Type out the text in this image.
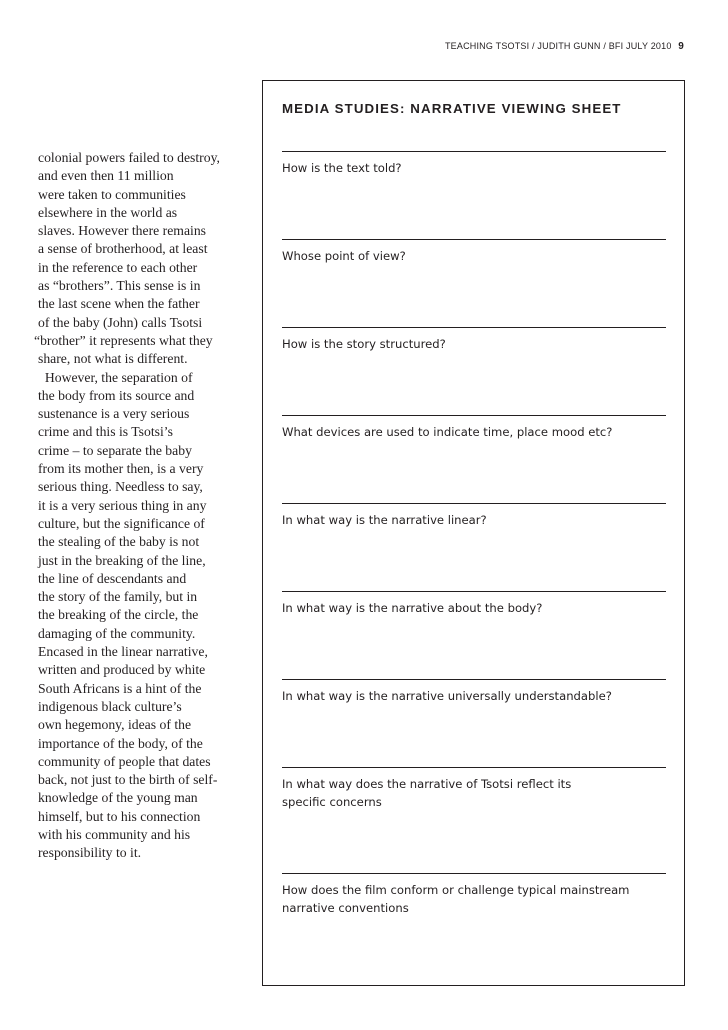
TEACHING TSOTSI / JUDITH GUNN / BFI JULY 2010 9
colonial powers failed to destroy,
and even then 11 million
were taken to communities
elsewhere in the world as
slaves. However there remains
a sense of brotherhood, at least
in the reference to each other
as “brothers”. This sense is in
the last scene when the father
of the baby (John) calls Tsotsi
“brother” it represents what they
share, not what is different.
However, the separation of
the body from its source and
sustenance is a very serious
crime and this is Tsotsi’s
crime – to separate the baby
from its mother then, is a very
serious thing. Needless to say,
it is a very serious thing in any
culture, but the significance of
the stealing of the baby is not
just in the breaking of the line,
the line of descendants and
the story of the family, but in
the breaking of the circle, the
damaging of the community.
Encased in the linear narrative,
written and produced by white
South Africans is a hint of the
indigenous black culture’s
own hegemony, ideas of the
importance of the body, of the
community of people that dates
back, not just to the birth of self-
knowledge of the young man
himself, but to his connection
with his community and his
responsibility to it.
MEDIA STUDIES: NARRATIVE VIEWING SHEET
How is the text told?
Whose point of view?
How is the story structured?
What devices are used to indicate time, place mood etc?
In what way is the narrative linear?
In what way is the narrative about the body?
In what way is the narrative universally understandable?
In what way does the narrative of Tsotsi reflect its
specific concerns
How does the film conform or challenge typical mainstream
narrative conventions
